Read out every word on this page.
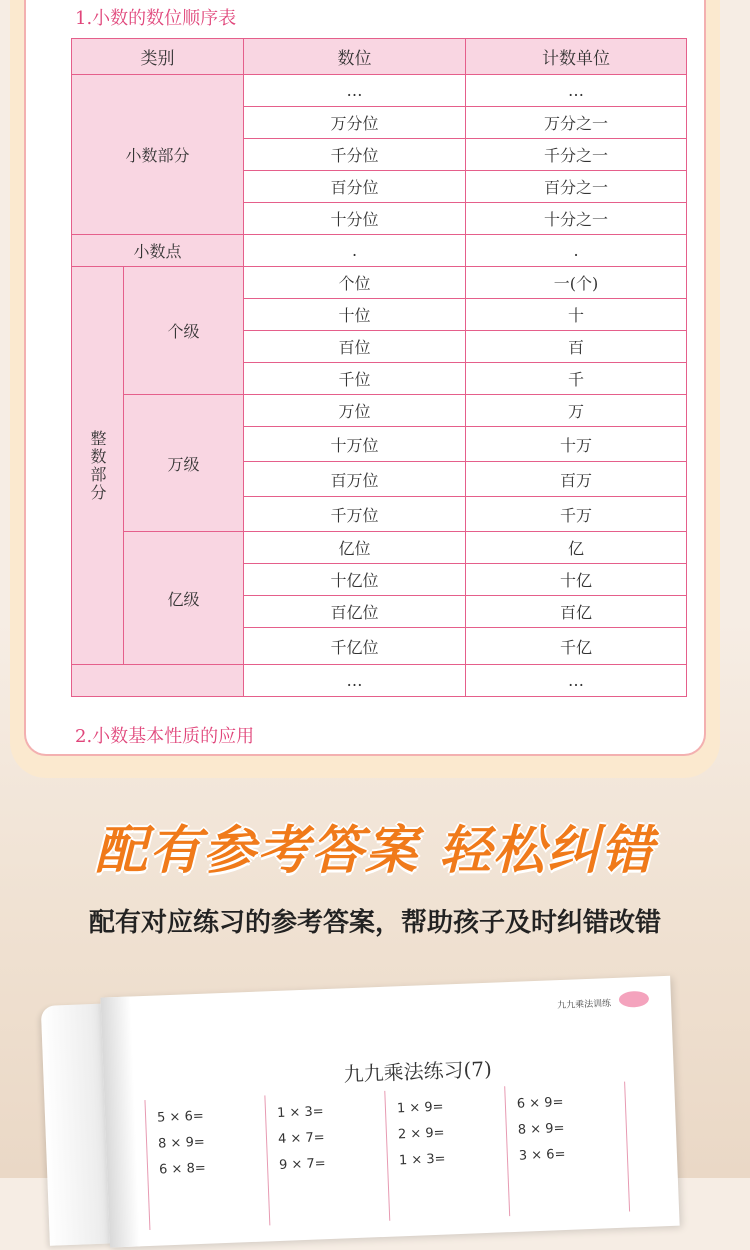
1.小数的数位顺序表
类别		数位	计数单位
小数部分		…	…
		万分位	万分之一
		千分位	千分之一
		百分位	百分之一
		十分位	十分之一
小数点		.	.
整数部分	个级	个位	一(个)
		十位	十
		百位	百
		千位	千
	万级	万位	万
		十万位	十万
		百万位	百万
		千万位	千万
	亿级	亿位	亿
		十亿位	十亿
		百亿位	百亿
		千亿位	千亿
		…	…
2.小数基本性质的应用
配有参考答案 轻松纠错
配有对应练习的参考答案，帮助孩子及时纠错改错
九九乘法训练
九九乘法练习(7)
5 × 6=
8 × 9=
6 × 8=
1 × 3=
4 × 7=
9 × 7=
1 × 9=
2 × 9=
1 × 3=
6 × 9=
8 × 9=
3 × 6=
